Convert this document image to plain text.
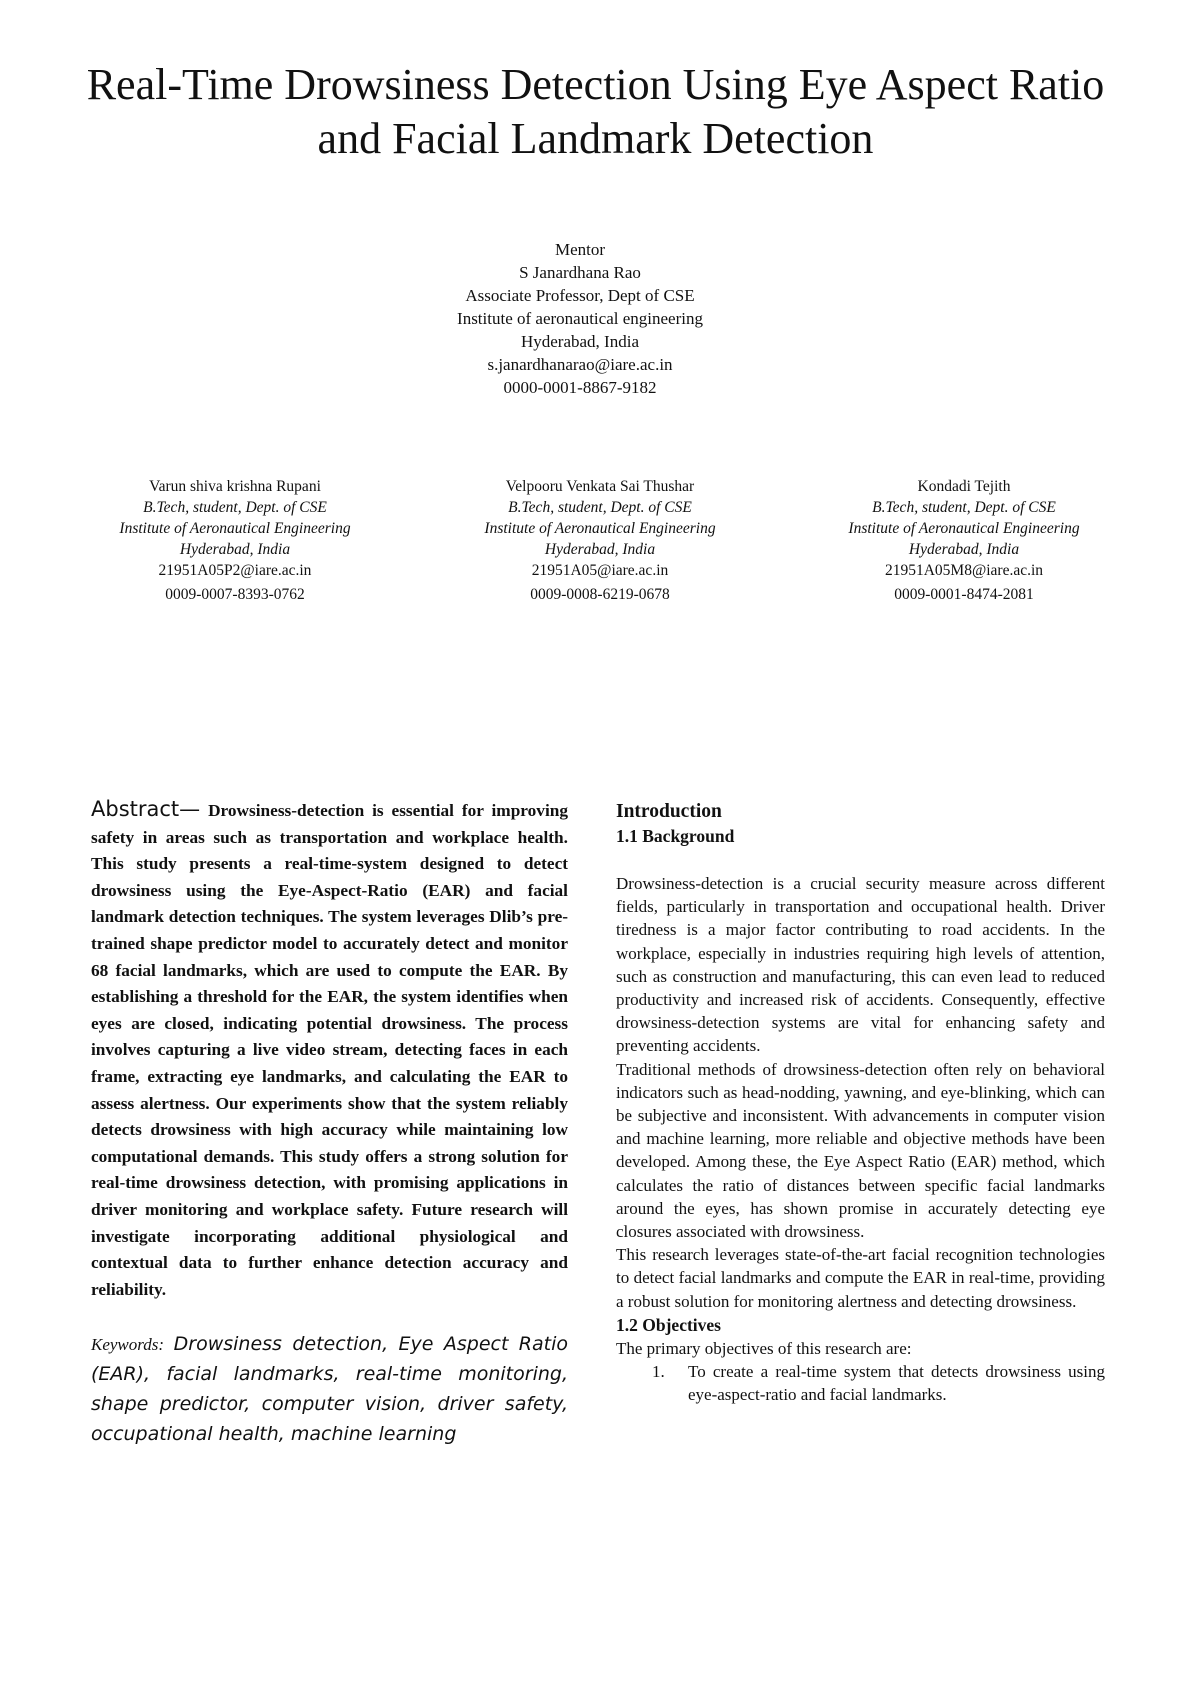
Real-Time Drowsiness Detection Using Eye Aspect Ratio and Facial Landmark Detection
Mentor
S Janardhana Rao
Associate Professor, Dept of CSE
Institute of aeronautical engineering
Hyderabad, India
s.janardhanarao@iare.ac.in
0000-0001-8867-9182
Varun shiva krishna Rupani
B.Tech, student, Dept. of CSE
Institute of Aeronautical Engineering
Hyderabad, India
21951A05P2@iare.ac.in
0009-0007-8393-0762
Velpooru Venkata Sai Thushar
B.Tech, student, Dept. of CSE
Institute of Aeronautical Engineering
Hyderabad, India
21951A05@iare.ac.in
0009-0008-6219-0678
Kondadi Tejith
B.Tech, student, Dept. of CSE
Institute of Aeronautical Engineering
Hyderabad, India
21951A05M8@iare.ac.in
0009-0001-8474-2081

Abstract— Drowsiness-detection is essential for improving safety in areas such as transportation and workplace health. This study presents a real-time-system designed to detect drowsiness using the Eye-Aspect-Ratio (EAR) and facial landmark detection techniques. The system leverages Dlib’s pre-trained shape predictor model to accurately detect and monitor 68 facial landmarks, which are used to compute the EAR. By establishing a threshold for the EAR, the system identifies when eyes are closed, indicating potential drowsiness. The process involves capturing a live video stream, detecting faces in each frame, extracting eye landmarks, and calculating the EAR to assess alertness. Our experiments show that the system reliably detects drowsiness with high accuracy while maintaining low computational demands. This study offers a strong solution for real-time drowsiness detection, with promising applications in driver monitoring and workplace safety. Future research will investigate incorporating additional physiological and contextual data to further enhance detection accuracy and reliability.

Keywords: Drowsiness detection, Eye Aspect Ratio (EAR), facial landmarks, real-time monitoring, shape predictor, computer vision, driver safety, occupational health, machine learning
Introduction
1.1 Background

Drowsiness-detection is a crucial security measure across different fields, particularly in transportation and occupational health. Driver tiredness is a major factor contributing to road accidents. In the workplace, especially in industries requiring high levels of attention, such as construction and manufacturing, this can even lead to reduced productivity and increased risk of accidents. Consequently, effective drowsiness-detection systems are vital for enhancing safety and preventing accidents.

Traditional methods of drowsiness-detection often rely on behavioral indicators such as head-nodding, yawning, and eye-blinking, which can be subjective and inconsistent. With advancements in computer vision and machine learning, more reliable and objective methods have been developed. Among these, the Eye Aspect Ratio (EAR) method, which calculates the ratio of distances between specific facial landmarks around the eyes, has shown promise in accurately detecting eye closures associated with drowsiness.

This research leverages state-of-the-art facial recognition technologies to detect facial landmarks and compute the EAR in real-time, providing a robust solution for monitoring alertness and detecting drowsiness.

1.2 Objectives

The primary objectives of this research are:

1. To create a real-time system that detects drowsiness using eye-aspect-ratio and facial landmarks.
